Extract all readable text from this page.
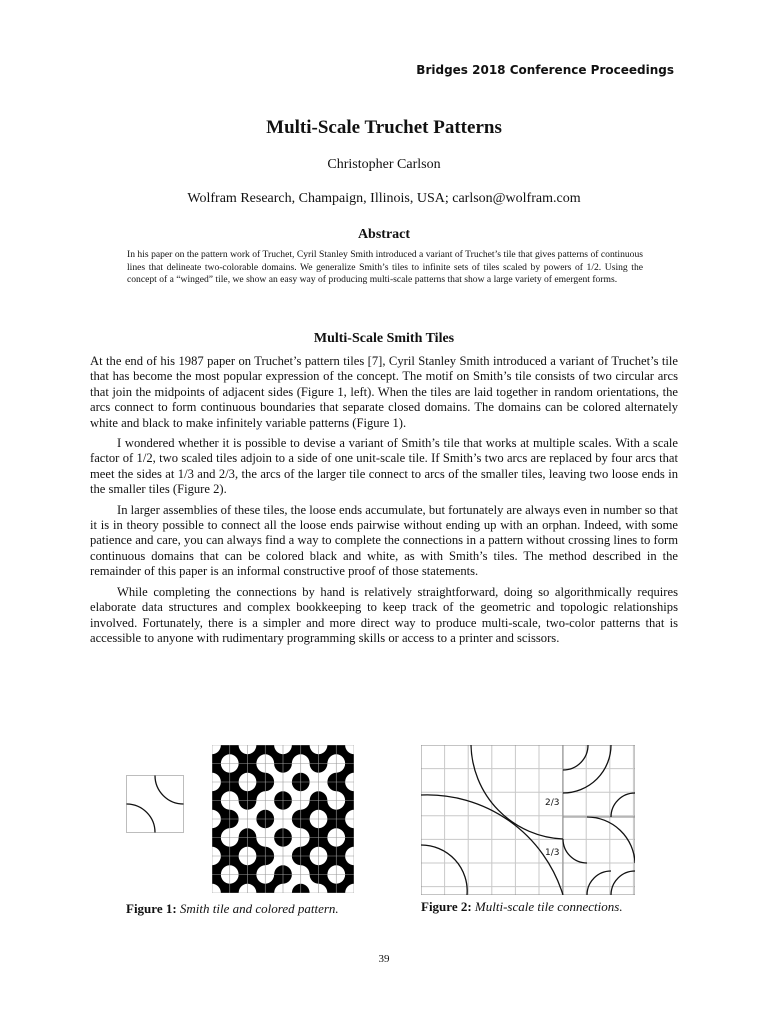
Bridges 2018 Conference Proceedings
Multi-Scale Truchet Patterns
Christopher Carlson
Wolfram Research, Champaign, Illinois, USA; carlson@wolfram.com
Abstract
In his paper on the pattern work of Truchet, Cyril Stanley Smith introduced a variant of Truchet’s tile that gives patterns of continuous lines that delineate two-colorable domains. We generalize Smith’s tiles to infinite sets of tiles scaled by powers of 1/2. Using the concept of a “winged” tile, we show an easy way of producing multi-scale patterns that show a large variety of emergent forms.
Multi-Scale Smith Tiles

At the end of his 1987 paper on Truchet’s pattern tiles [7], Cyril Stanley Smith introduced a variant of Truchet’s tile that has become the most popular expression of the concept. The motif on Smith’s tile consists of two circular arcs that join the midpoints of adjacent sides (Figure 1, left). When the tiles are laid together in random orientations, the arcs connect to form continuous boundaries that separate closed domains. The domains can be colored alternately white and black to make infinitely variable patterns (Figure 1).

I wondered whether it is possible to devise a variant of Smith’s tile that works at multiple scales. With a scale factor of 1/2, two scaled tiles adjoin to a side of one unit-scale tile. If Smith’s two arcs are replaced by four arcs that meet the sides at 1/3 and 2/3, the arcs of the larger tile connect to arcs of the smaller tiles, leaving two loose ends in the smaller tiles (Figure 2).

In larger assemblies of these tiles, the loose ends accumulate, but fortunately are always even in number so that it is in theory possible to connect all the loose ends pairwise without ending up with an orphan. Indeed, with some patience and care, you can always find a way to complete the connections in a pattern without crossing lines to form continuous domains that can be colored black and white, as with Smith’s tiles. The method described in the remainder of this paper is an informal constructive proof of those statements.

While completing the connections by hand is relatively straightforward, doing so algorithmically requires elaborate data structures and complex bookkeeping to keep track of the geometric and topologic relationships involved. Fortunately, there is a simpler and more direct way to produce multi-scale, two-color patterns that is accessible to anyone with rudimentary programming skills or access to a printer and scissors.

2/3
1/3
Figure 1: Smith tile and colored pattern.	Figure 2: Multi-scale tile connections.
39
